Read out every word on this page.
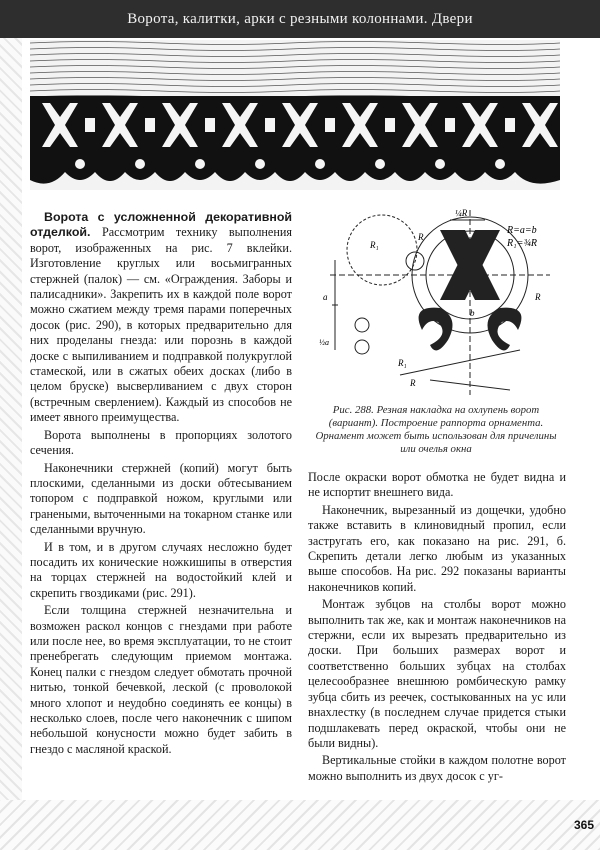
Ворота, калитки, арки с резными колоннами. Двери
R=a=b
R₁=¾R
¼R
R₁
R
a
b
½a
R
R₁
R
Рис. 288. Резная накладка на охлупень ворот (вариант). Построение раппорта орнамента. Орнамент может быть использован для причелины или очелья окна

Ворота с усложненной декоративной отделкой. Рассмотрим технику выполнения ворот, изображенных на рис. 7 вклейки. Изготовление круглых или восьмигранных стержней (палок) — см. «Ограждения. Заборы и палисадники». Закрепить их в каждой поле ворот можно сжатием между тремя парами поперечных досок (рис. 290), в которых предварительно для них проделаны гнезда: или порознь в каждой доске с выпиливанием и подправкой полукруглой стамеской, или в сжатых обеих досках (либо в целом бруске) высверливанием с двух сторон (встречным сверлением). Каждый из способов не имеет явного преимущества.

Ворота выполнены в пропорциях золотого сечения.

Наконечники стержней (копий) могут быть плоскими, сделанными из доски обтесыванием топором с подправкой ножом, круглыми или гранеными, выточенными на токарном станке или сделанными вручную.

И в том, и в другом случаях несложно будет посадить их конические ножкишипы в отверстия на торцах стержней на водостойкий клей и скрепить гвоздиками (рис. 291).

Если толщина стержней незначительна и возможен раскол концов с гнездами при работе или после нее, во время эксплуатации, то не стоит пренебрегать следующим приемом монтажа. Конец палки с гнездом следует обмотать прочной нитью, тонкой бечевкой, леской (с проволокой много хлопот и неудобно соединять ее концы) в несколько слоев, после чего наконечник с шипом небольшой конусности можно будет забить в гнездо с масляной краской.

После окраски ворот обмотка не будет видна и не испортит внешнего вида.

Наконечник, вырезанный из дощечки, удобно также вставить в клиновидный пропил, если застругать его, как показано на рис. 291, б. Скрепить детали легко любым из указанных выше способов. На рис. 292 показаны варианты наконечников копий.

Монтаж зубцов на столбы ворот можно выполнить так же, как и монтаж наконечников на стержни, если их вырезать предварительно из доски. При больших размерах ворот и соответственно больших зубцах на столбах целесообразнее внешнюю ромбическую рамку зубца сбить из реечек, состыкованных на ус или внахлестку (в последнем случае придется стыки подшлакевать перед окраской, чтобы они не были видны).

Вертикальные стойки в каждом полотне ворот можно выполнить из двух досок с уг-

365
